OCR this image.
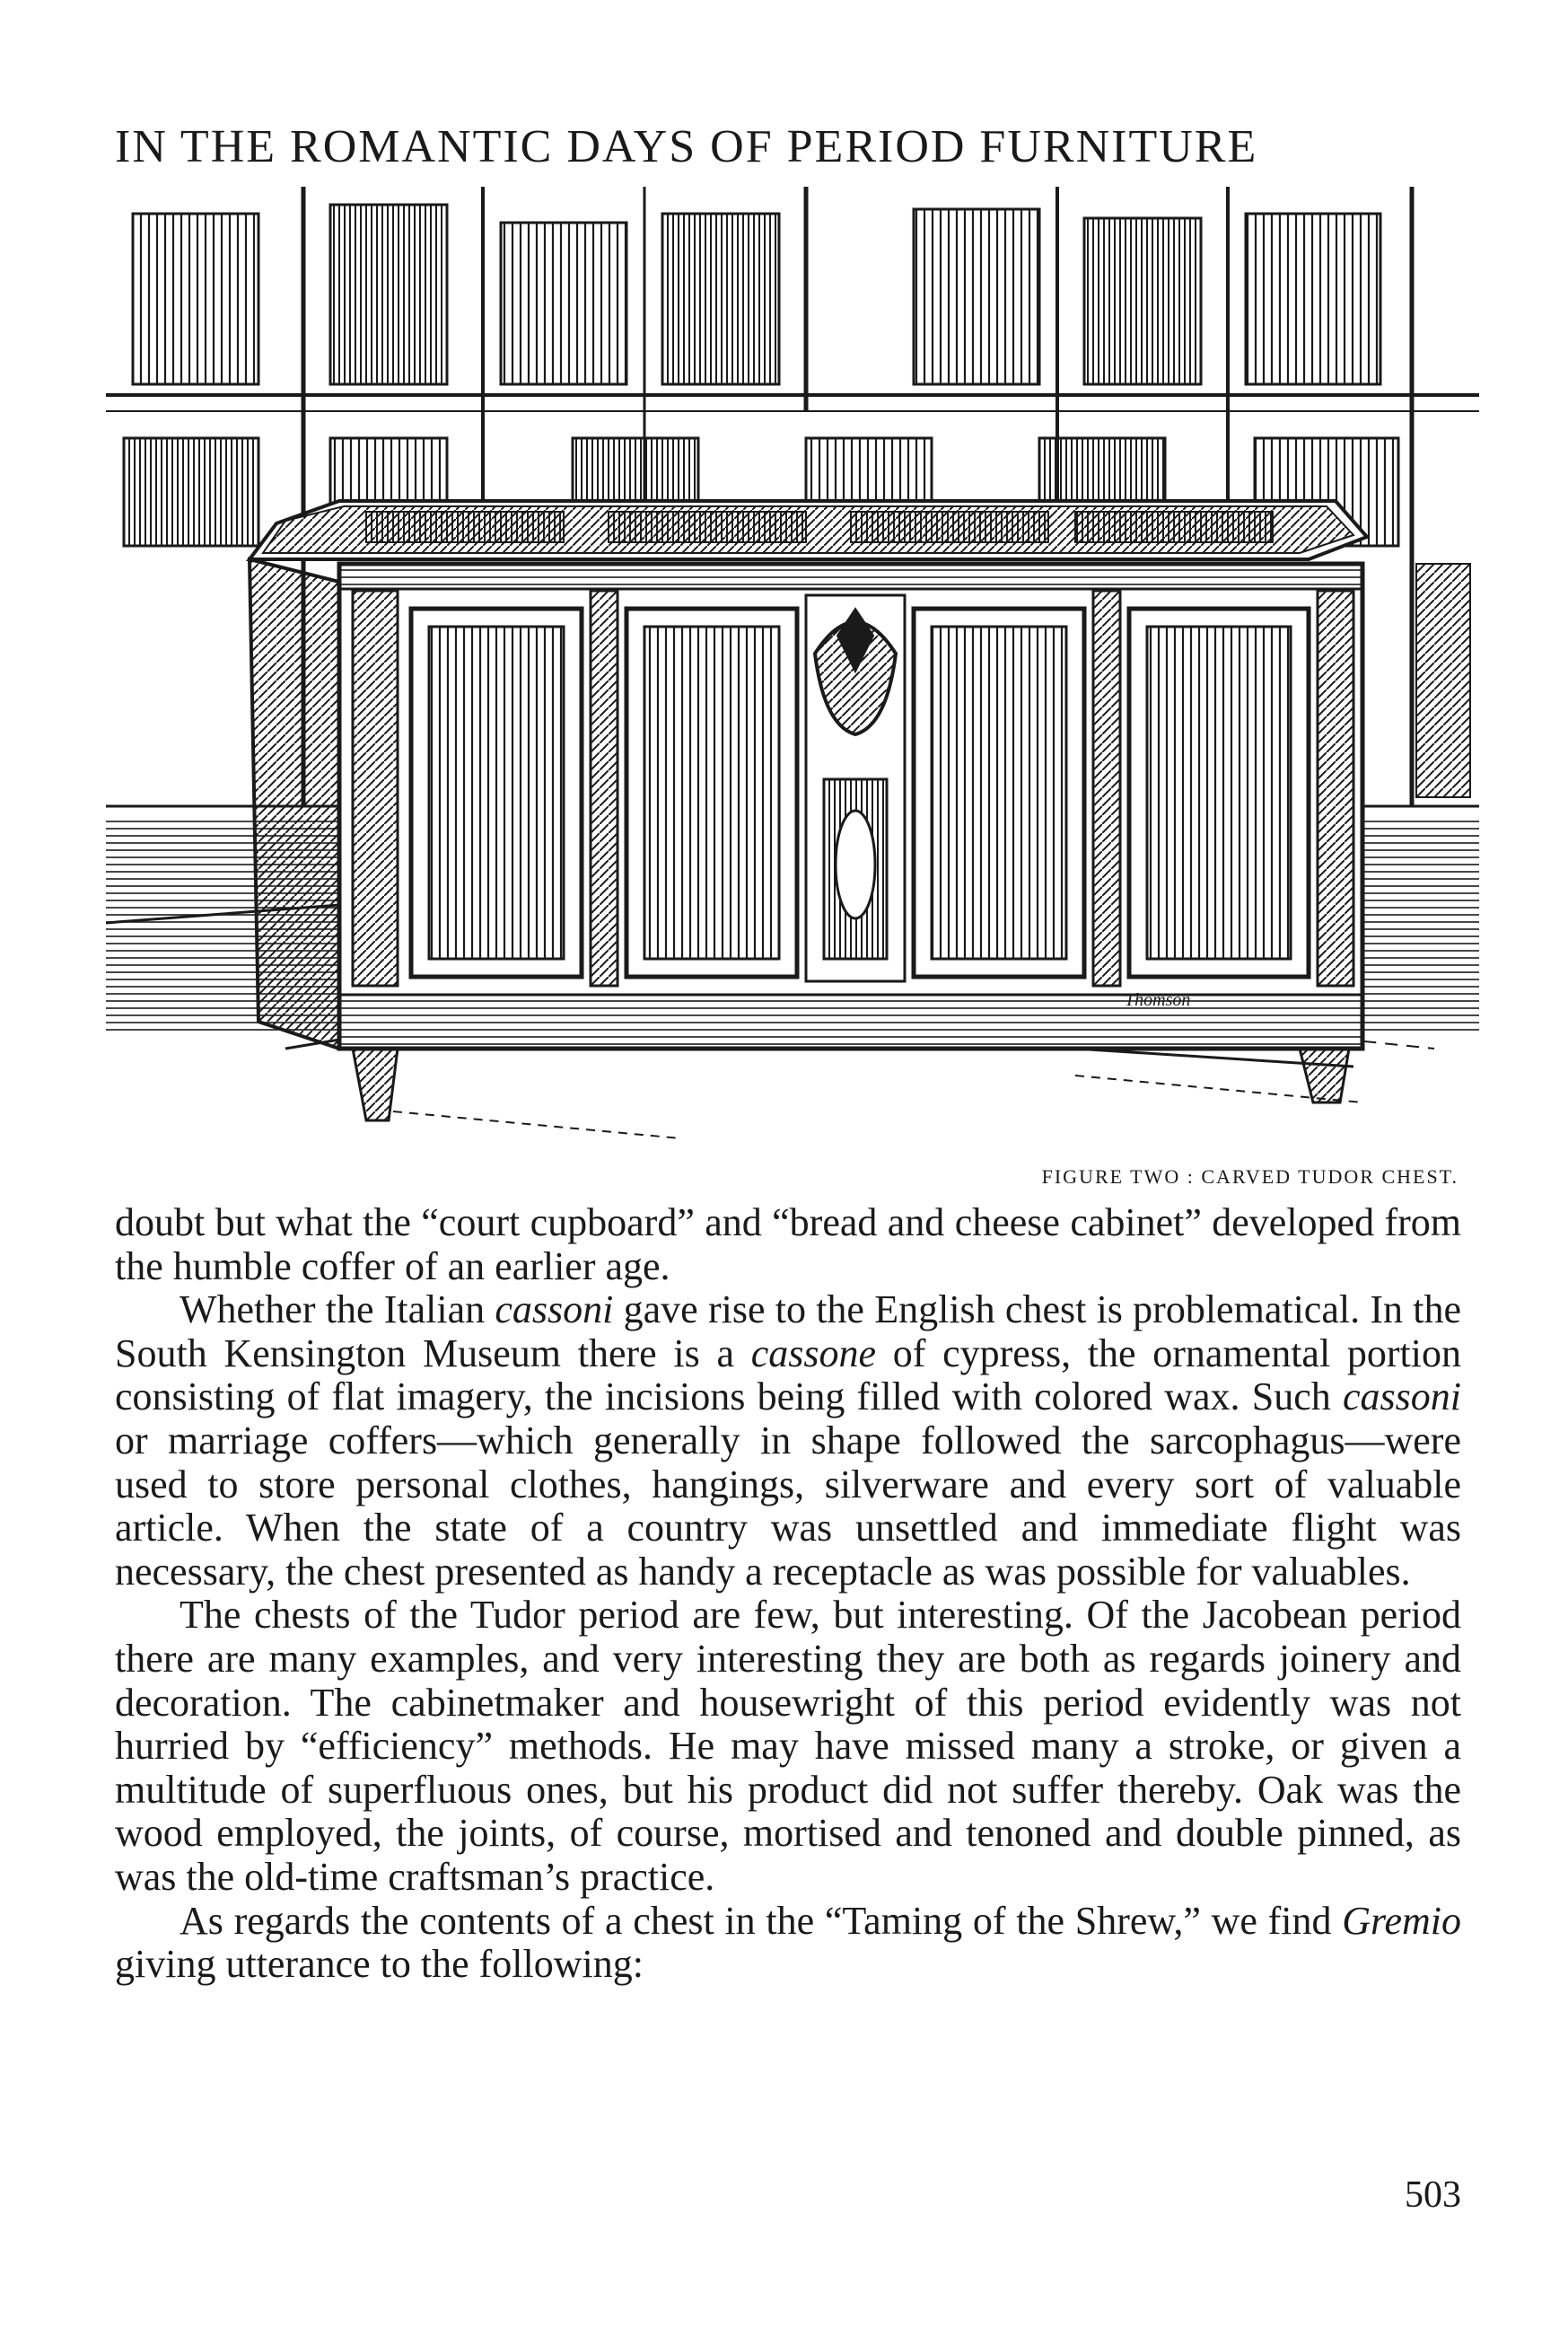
IN THE ROMANTIC DAYS OF PERIOD FURNITURE
Thomson
FIGURE TWO : CARVED TUDOR CHEST.

doubt but what the “court cupboard” and “bread and cheese cabinet” developed from the humble coffer of an earlier age.

Whether the Italian cassoni gave rise to the English chest is problematical. In the South Kensington Museum there is a cassone of cypress, the ornamental portion consisting of flat imagery, the incisions being filled with colored wax. Such cassoni or marriage coffers—which generally in shape followed the sarcophagus—were used to store personal clothes, hangings, silverware and every sort of valuable article. When the state of a country was unsettled and immediate flight was necessary, the chest presented as handy a receptacle as was possible for valuables.

The chests of the Tudor period are few, but interesting. Of the Jacobean period there are many examples, and very interesting they are both as regards joinery and decoration. The cabinetmaker and housewright of this period evidently was not hurried by “efficiency” methods. He may have missed many a stroke, or given a multitude of superfluous ones, but his product did not suffer thereby. Oak was the wood employed, the joints, of course, mortised and tenoned and double pinned, as was the old-time craftsman’s practice.

As regards the contents of a chest in the “Taming of the Shrew,” we find Gremio giving utterance to the following:

503
